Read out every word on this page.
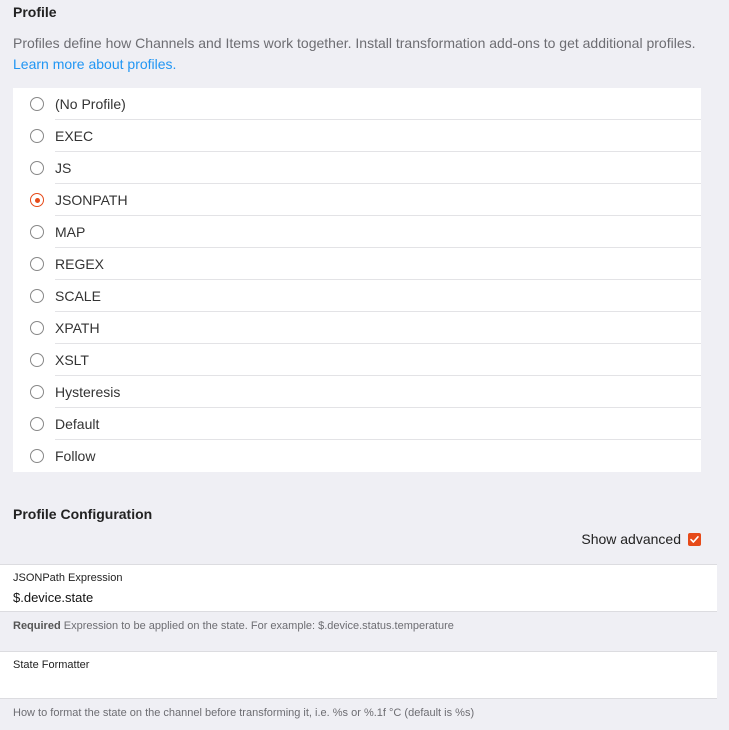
Profile
Profiles define how Channels and Items work together. Install transformation add-ons to get additional profiles. Learn more about profiles.
(No Profile)
EXEC
JS
JSONPATH
MAP
REGEX
SCALE
XPATH
XSLT
Hysteresis
Default
Follow
Profile Configuration
Show advanced
JSONPath Expression
$.device.state
Required Expression to be applied on the state. For example: $.device.status.temperature
State Formatter
How to format the state on the channel before transforming it, i.e. %s or %.1f °C (default is %s)
